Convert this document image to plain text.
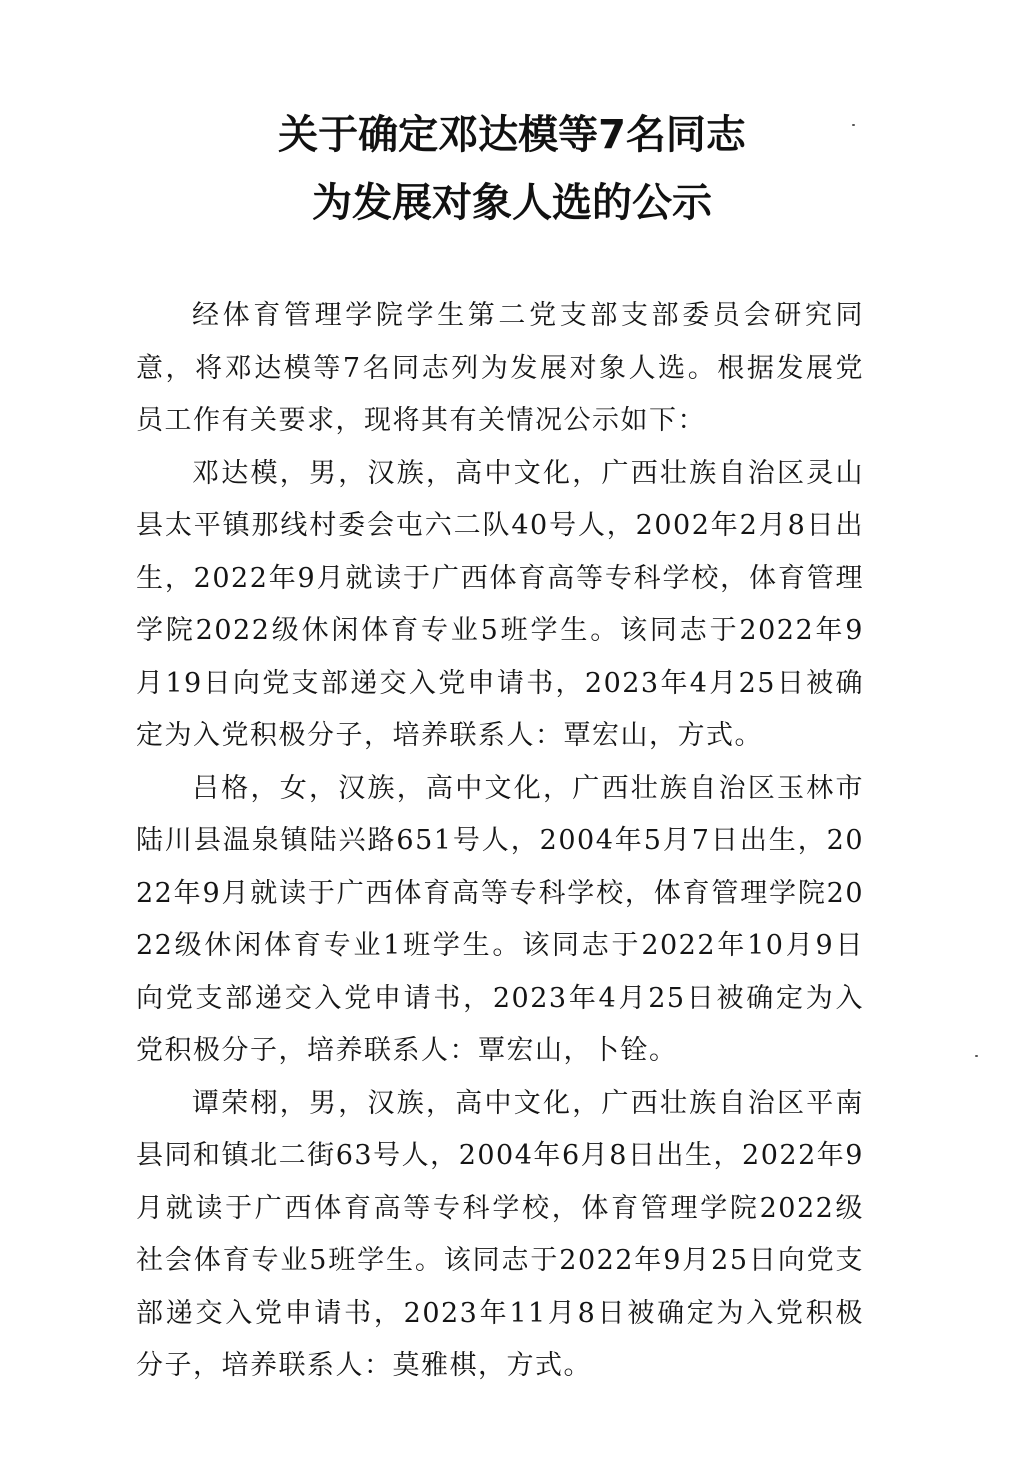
关于确定邓达模等7名同志
为发展对象人选的公示

经体育管理学院学生第二党支部支部委员会研究同意，将邓达模等7名同志列为发展对象人选。根据发展党员工作有关要求，现将其有关情况公示如下：

邓达模，男，汉族，高中文化，广西壮族自治区灵山县太平镇那线村委会屯六二队40号人，2002年2月8日出生，2022年9月就读于广西体育高等专科学校，体育管理学院2022级休闲体育专业5班学生。该同志于2022年9月19日向党支部递交入党申请书，2023年4月25日被确定为入党积极分子，培养联系人：覃宏山，方式。

吕格，女，汉族，高中文化，广西壮族自治区玉林市陆川县温泉镇陆兴路651号人，2004年5月7日出生，2022年9月就读于广西体育高等专科学校，体育管理学院2022级休闲体育专业1班学生。该同志于2022年10月9日向党支部递交入党申请书，2023年4月25日被确定为入党积极分子，培养联系人：覃宏山，卜铨。

谭荣栩，男，汉族，高中文化，广西壮族自治区平南县同和镇北二街63号人，2004年6月8日出生，2022年9月就读于广西体育高等专科学校，体育管理学院2022级社会体育专业5班学生。该同志于2022年9月25日向党支部递交入党申请书，2023年11月8日被确定为入党积极分子，培养联系人：莫雅棋，方式。
